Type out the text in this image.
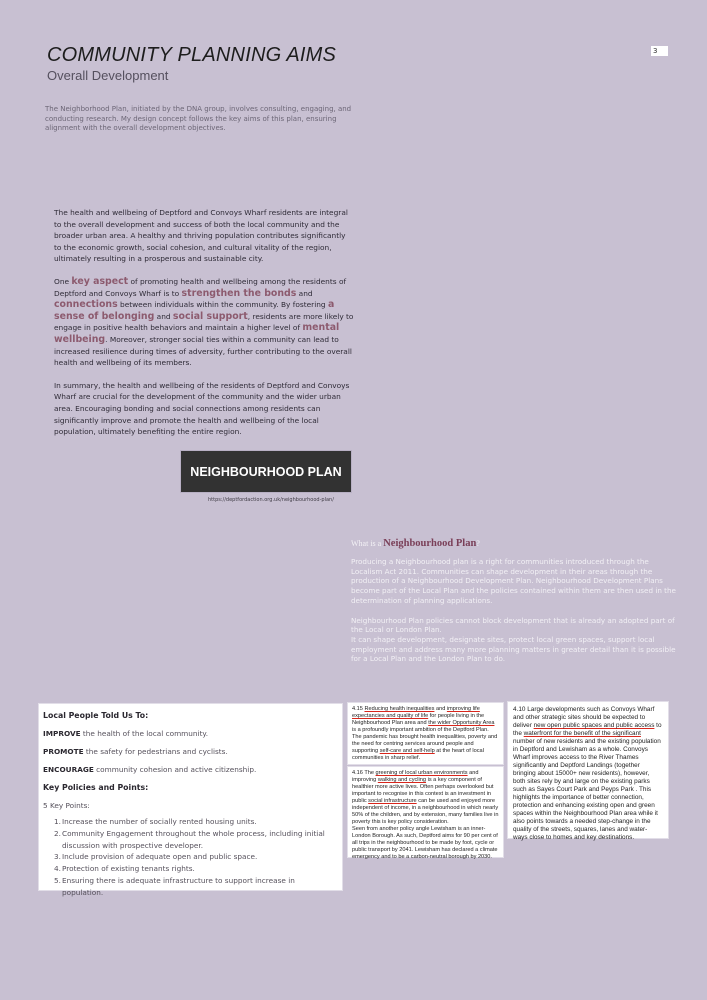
COMMUNITY PLANNING AIMS
Overall Development
3
The Neighborhood Plan, initiated by the DNA group, involves consulting, engaging, and conducting research. My design concept follows the key aims of this plan, ensuring alignment with the overall development objectives.

The health and wellbeing of Deptford and Convoys Wharf residents are integral to the overall development and success of both the local community and the broader urban area. A healthy and thriving population contributes significantly to the economic growth, social cohesion, and cultural vitality of the region, ultimately resulting in a prosperous and sustainable city.

One key aspect of promoting health and wellbeing among the residents of Deptford and Convoys Wharf is to strengthen the bonds and connections between individuals within the community. By fostering a sense of belonging and social support, residents are more likely to engage in positive health behaviors and maintain a higher level of mental wellbeing. Moreover, stronger social ties within a community can lead to increased resilience during times of adversity, further contributing to the overall health and wellbeing of its members.

In summary, the health and wellbeing of the residents of Deptford and Convoys Wharf are crucial for the development of the community and the wider urban area. Encouraging bonding and social connections among residents can significantly improve and promote the health and wellbeing of the local population, ultimately benefiting the entire region.

NEIGHBOURHOOD PLAN
https://deptfordaction.org.uk/neighbourhood-plan/
What is a Neighbourhood Plan?

Producing a Neighbourhood plan is a right for communities introduced through the Localism Act 2011. Communities can shape development in their areas through the production of a Neighbourhood Development Plan. Neighbourhood Development Plans become part of the Local Plan and the policies contained within them are then used in the determination of planning applications.

Neighbourhood Plan policies cannot block development that is already an adopted part of the Local or London Plan.

It can shape development, designate sites, protect local green spaces, support local employment and address many more planning matters in greater detail than it is possible for a Local Plan and the London Plan to do.

Local People Told Us To:
IMPROVE the health of the local community.
PROMOTE the safety for pedestrians and cyclists.
ENCOURAGE community cohesion and active citizenship.
Key Policies and Points:
5 Key Points:
1. Increase the number of socially rented housing units.
2. Community Engagement throughout the whole process, including initial discussion with prospective developer.
3. Include provision of adequate open and public space.
4. Protection of existing tenants rights.
5. Ensuring there is adequate infrastructure to support increase in population.
4.15 Reducing health inequalities and improving life expectancies and quality of life for people living in the Neighbourhood Plan area and the wider Opportunity Area is a profoundly important ambition of the Deptford Plan. The pandemic has brought health inequalities, poverty and the need for centring services around people and supporting self-care and self-help at the heart of local communities in sharp relief.
4.16 The greening of local urban environments and improving walking and cycling is a key component of healthier more active lives. Often perhaps overlooked but important to recognise in this context is an investment in public social infrastructure can be used and enjoyed more independent of income, in a neighbourhood in which nearly 50% of the children, and by extension, many families live in poverty this is key policy consideration.
Seen from another policy angle Lewisham is an inner-London Borough. As such, Deptford aims for 90 per cent of all trips in the neighbourhood to be made by foot, cycle or public transport by 2041. Lewisham has declared a climate emergency and to be a carbon-neutral borough by 2030.
4.10 Large developments such as Convoys Wharf and other strategic sites should be expected to deliver new open public spaces and public access to the waterfront for the benefit of the significant number of new residents and the existing population in Deptford and Lewisham as a whole. Convoys Wharf improves access to the River Thames significantly and Deptford Landings (together bringing about 15000+ new residents), however, both sites rely by and large on the existing parks such as Sayes Court Park and Peyps Park . This highlights the importance of better connection, protection and enhancing existing open and green spaces within the Neighbourhood Plan area while it also points towards a needed step-change in the quality of the streets, squares, lanes and water- ways close to homes and key destinations.
